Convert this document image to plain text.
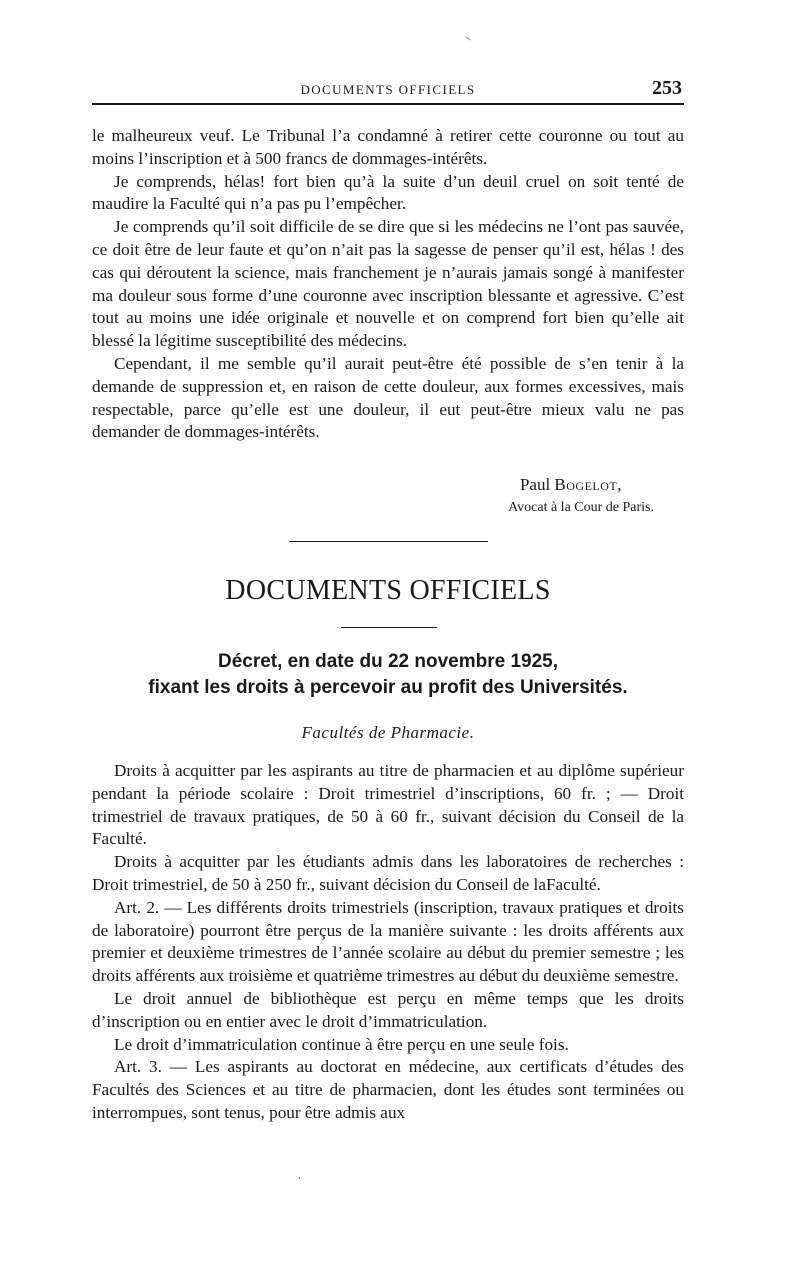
DOCUMENTS OFFICIELS	253

le malheureux veuf. Le Tribunal l’a condamné à retirer cette couronne ou tout au moins l’inscription et à 500 francs de dommages-intérêts.

Je comprends, hélas! fort bien qu’à la suite d’un deuil cruel on soit tenté de maudire la Faculté qui n’a pas pu l’empêcher.

Je comprends qu’il soit difficile de se dire que si les médecins ne l’ont pas sauvée, ce doit être de leur faute et qu’on n’ait pas la sagesse de penser qu’il est, hélas ! des cas qui déroutent la science, mais franchement je n’aurais jamais songé à manifester ma douleur sous forme d’une couronne avec inscription blessante et agressive. C’est tout au moins une idée originale et nouvelle et on comprend fort bien qu’elle ait blessé la légitime susceptibilité des médecins.

Cependant, il me semble qu’il aurait peut-être été possible de s’en tenir à la demande de suppression et, en raison de cette douleur, aux formes excessives, mais respectable, parce qu’elle est une douleur, il eut peut-être mieux valu ne pas demander de dommages-intérêts.

Paul Bogelot,
Avocat à la Cour de Paris.
DOCUMENTS OFFICIELS
Décret, en date du 22 novembre 1925,
fixant les droits à percevoir au profit des Universités.
Facultés de Pharmacie.

Droits à acquitter par les aspirants au titre de pharmacien et au diplôme supérieur pendant la période scolaire : Droit trimestriel d’inscriptions, 60 fr. ; — Droit trimestriel de travaux pratiques, de 50 à 60 fr., suivant décision du Conseil de la Faculté.

Droits à acquitter par les étudiants admis dans les laboratoires de recherches : Droit trimestriel, de 50 à 250 fr., suivant décision du Conseil de laFaculté.

Art. 2. — Les différents droits trimestriels (inscription, travaux pratiques et droits de laboratoire) pourront être perçus de la manière suivante : les droits afférents aux premier et deuxième trimestres de l’année scolaire au début du premier semestre ; les droits afférents aux troisième et quatrième trimestres au début du deuxième semestre.

Le droit annuel de bibliothèque est perçu en même temps que les droits d’inscription ou en entier avec le droit d’immatriculation.

Le droit d’immatriculation continue à être perçu en une seule fois.

Art. 3. — Les aspirants au doctorat en médecine, aux certificats d’études des Facultés des Sciences et au titre de pharmacien, dont les études sont terminées ou interrompues, sont tenus, pour être admis aux

,
